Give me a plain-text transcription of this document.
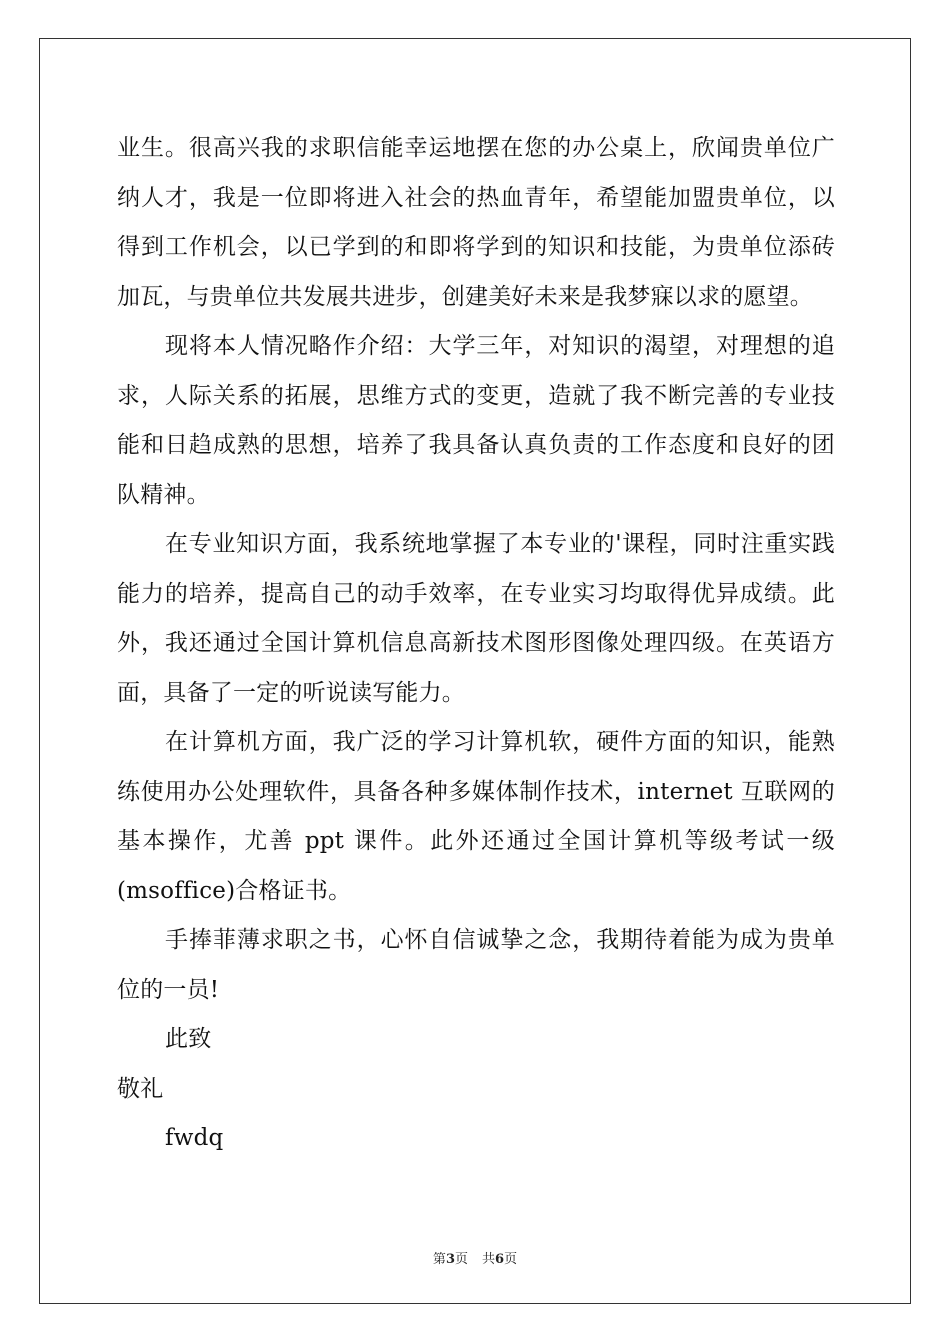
业生。很高兴我的求职信能幸运地摆在您的办公桌上，欣闻贵单位广纳人才，我是一位即将进入社会的热血青年，希望能加盟贵单位，以得到工作机会，以已学到的和即将学到的知识和技能，为贵单位添砖加瓦，与贵单位共发展共进步，创建美好未来是我梦寐以求的愿望。

现将本人情况略作介绍：大学三年，对知识的渴望，对理想的追求，人际关系的拓展，思维方式的变更，造就了我不断完善的专业技能和日趋成熟的思想，培养了我具备认真负责的工作态度和良好的团队精神。

在专业知识方面，我系统地掌握了本专业的'课程，同时注重实践能力的培养，提高自己的动手效率，在专业实习均取得优异成绩。此外，我还通过全国计算机信息高新技术图形图像处理四级。在英语方面，具备了一定的听说读写能力。

在计算机方面，我广泛的学习计算机软，硬件方面的知识，能熟练使用办公处理软件，具备各种多媒体制作技术，internet 互联网的基本操作，尤善 ppt 课件。此外还通过全国计算机等级考试一级(msoffice)合格证书。

手捧菲薄求职之书，心怀自信诚挚之念，我期待着能为成为贵单位的一员!

此致

敬礼

fwdq

第3页 共6页
